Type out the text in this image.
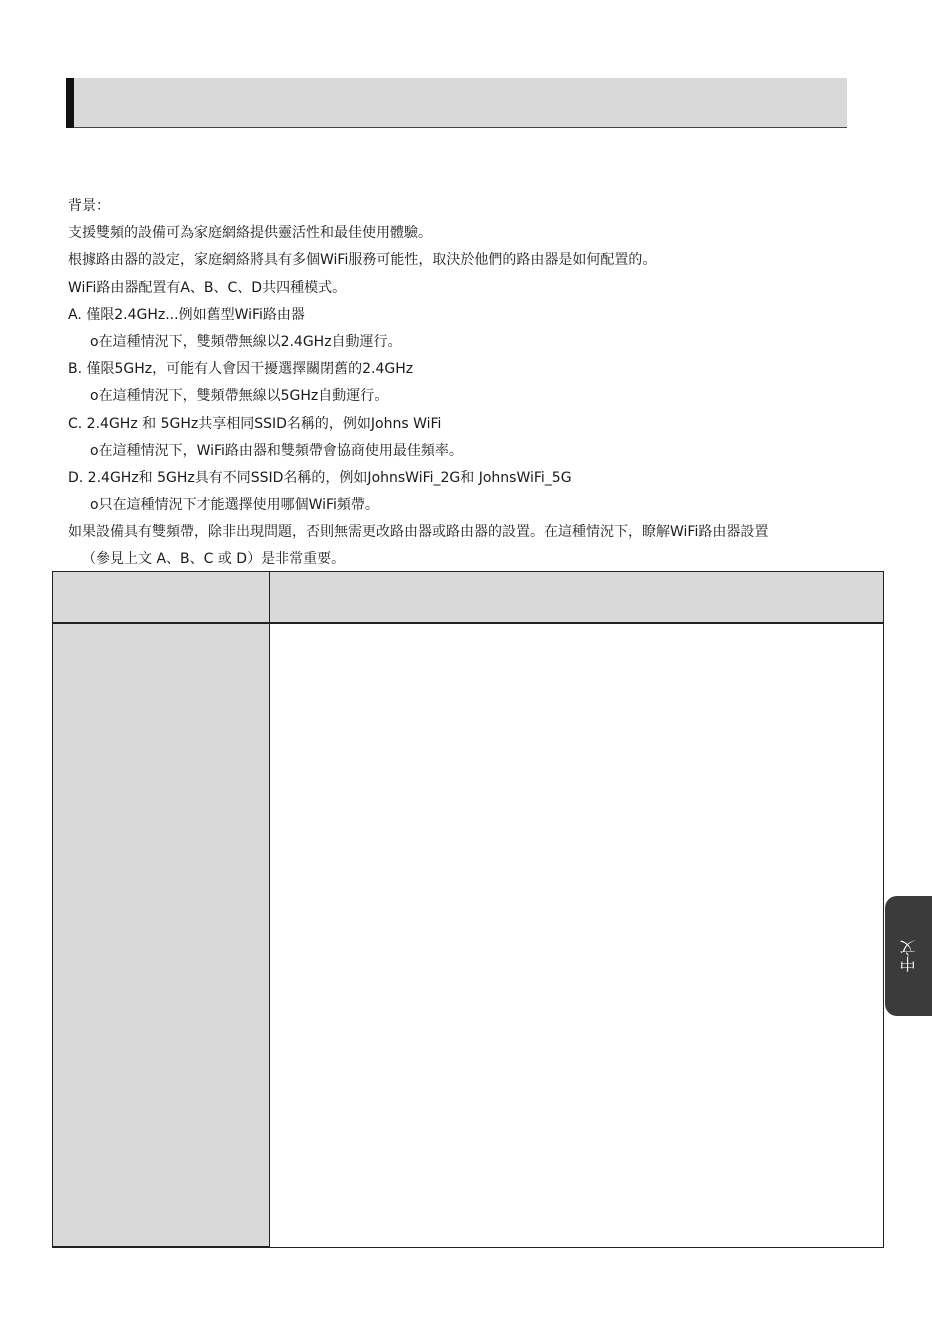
背景：
支援雙頻的設備可為家庭網絡提供靈活性和最佳使用體驗。
根據路由器的設定，家庭網絡將具有多個WiFi服務可能性，取決於他們的路由器是如何配置的。
WiFi路由器配置有A、B、C、D共四種模式。
A. 僅限2.4GHz...例如舊型WiFi路由器
ο在這種情況下，雙頻帶無線以2.4GHz自動運行。
B. 僅限5GHz，可能有人會因干擾選擇關閉舊的2.4GHz
ο在這種情況下，雙頻帶無線以5GHz自動運行。
C. 2.4GHz 和 5GHz共享相同SSID名稱的，例如Johns WiFi
ο在這種情況下，WiFi路由器和雙頻帶會協商使用最佳頻率。
D. 2.4GHz和 5GHz具有不同SSID名稱的，例如JohnsWiFi_2G和 JohnsWiFi_5G
ο只在這種情況下才能選擇使用哪個WiFi頻帶。
如果設備具有雙頻帶，除非出現問題，否則無需更改路由器或路由器的設置。在這種情況下，瞭解WiFi路由器設置
（參見上文 A、B、C 或 D）是非常重要。
中文
